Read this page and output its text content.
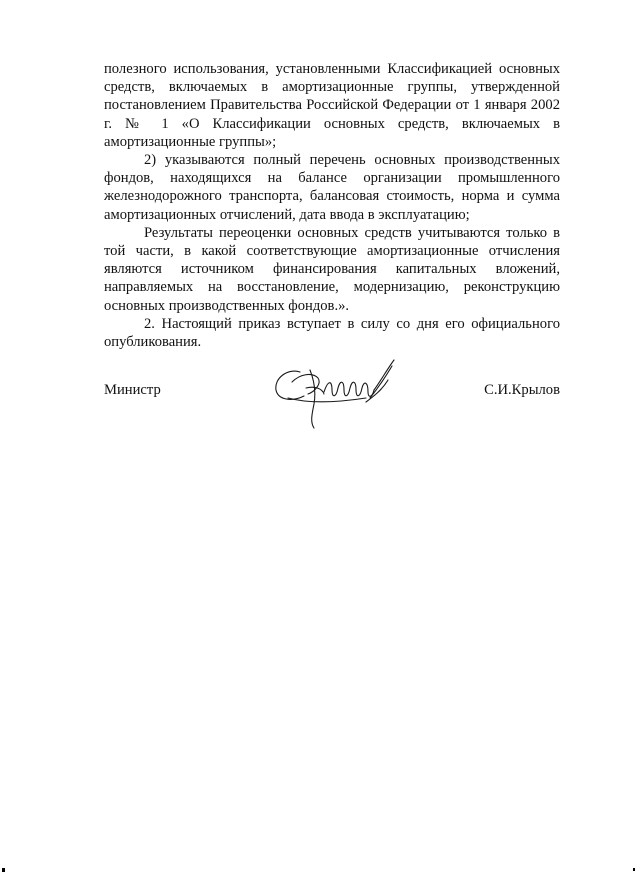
полезного использования, установленными Классификацией основных средств, включаемых в амортизационные группы, утвержденной постановлением Правительства Российской Федерации от 1 января 2002 г. № 1 «О Классификации основных средств, включаемых в амортизационные группы»;

2) указываются полный перечень основных производственных фондов, находящихся на балансе организации промышленного железнодорожного транспорта, балансовая стоимость, норма и сумма амортизационных отчислений, дата ввода в эксплуатацию;

Результаты переоценки основных средств учитываются только в той части, в какой соответствующие амортизационные отчисления являются источником финансирования капитальных вложений, направляемых на восстановление, модернизацию, реконструкцию основных производственных фондов.».

2. Настоящий приказ вступает в силу со дня его официального опубликования.

Министр	С.И.Крылов
